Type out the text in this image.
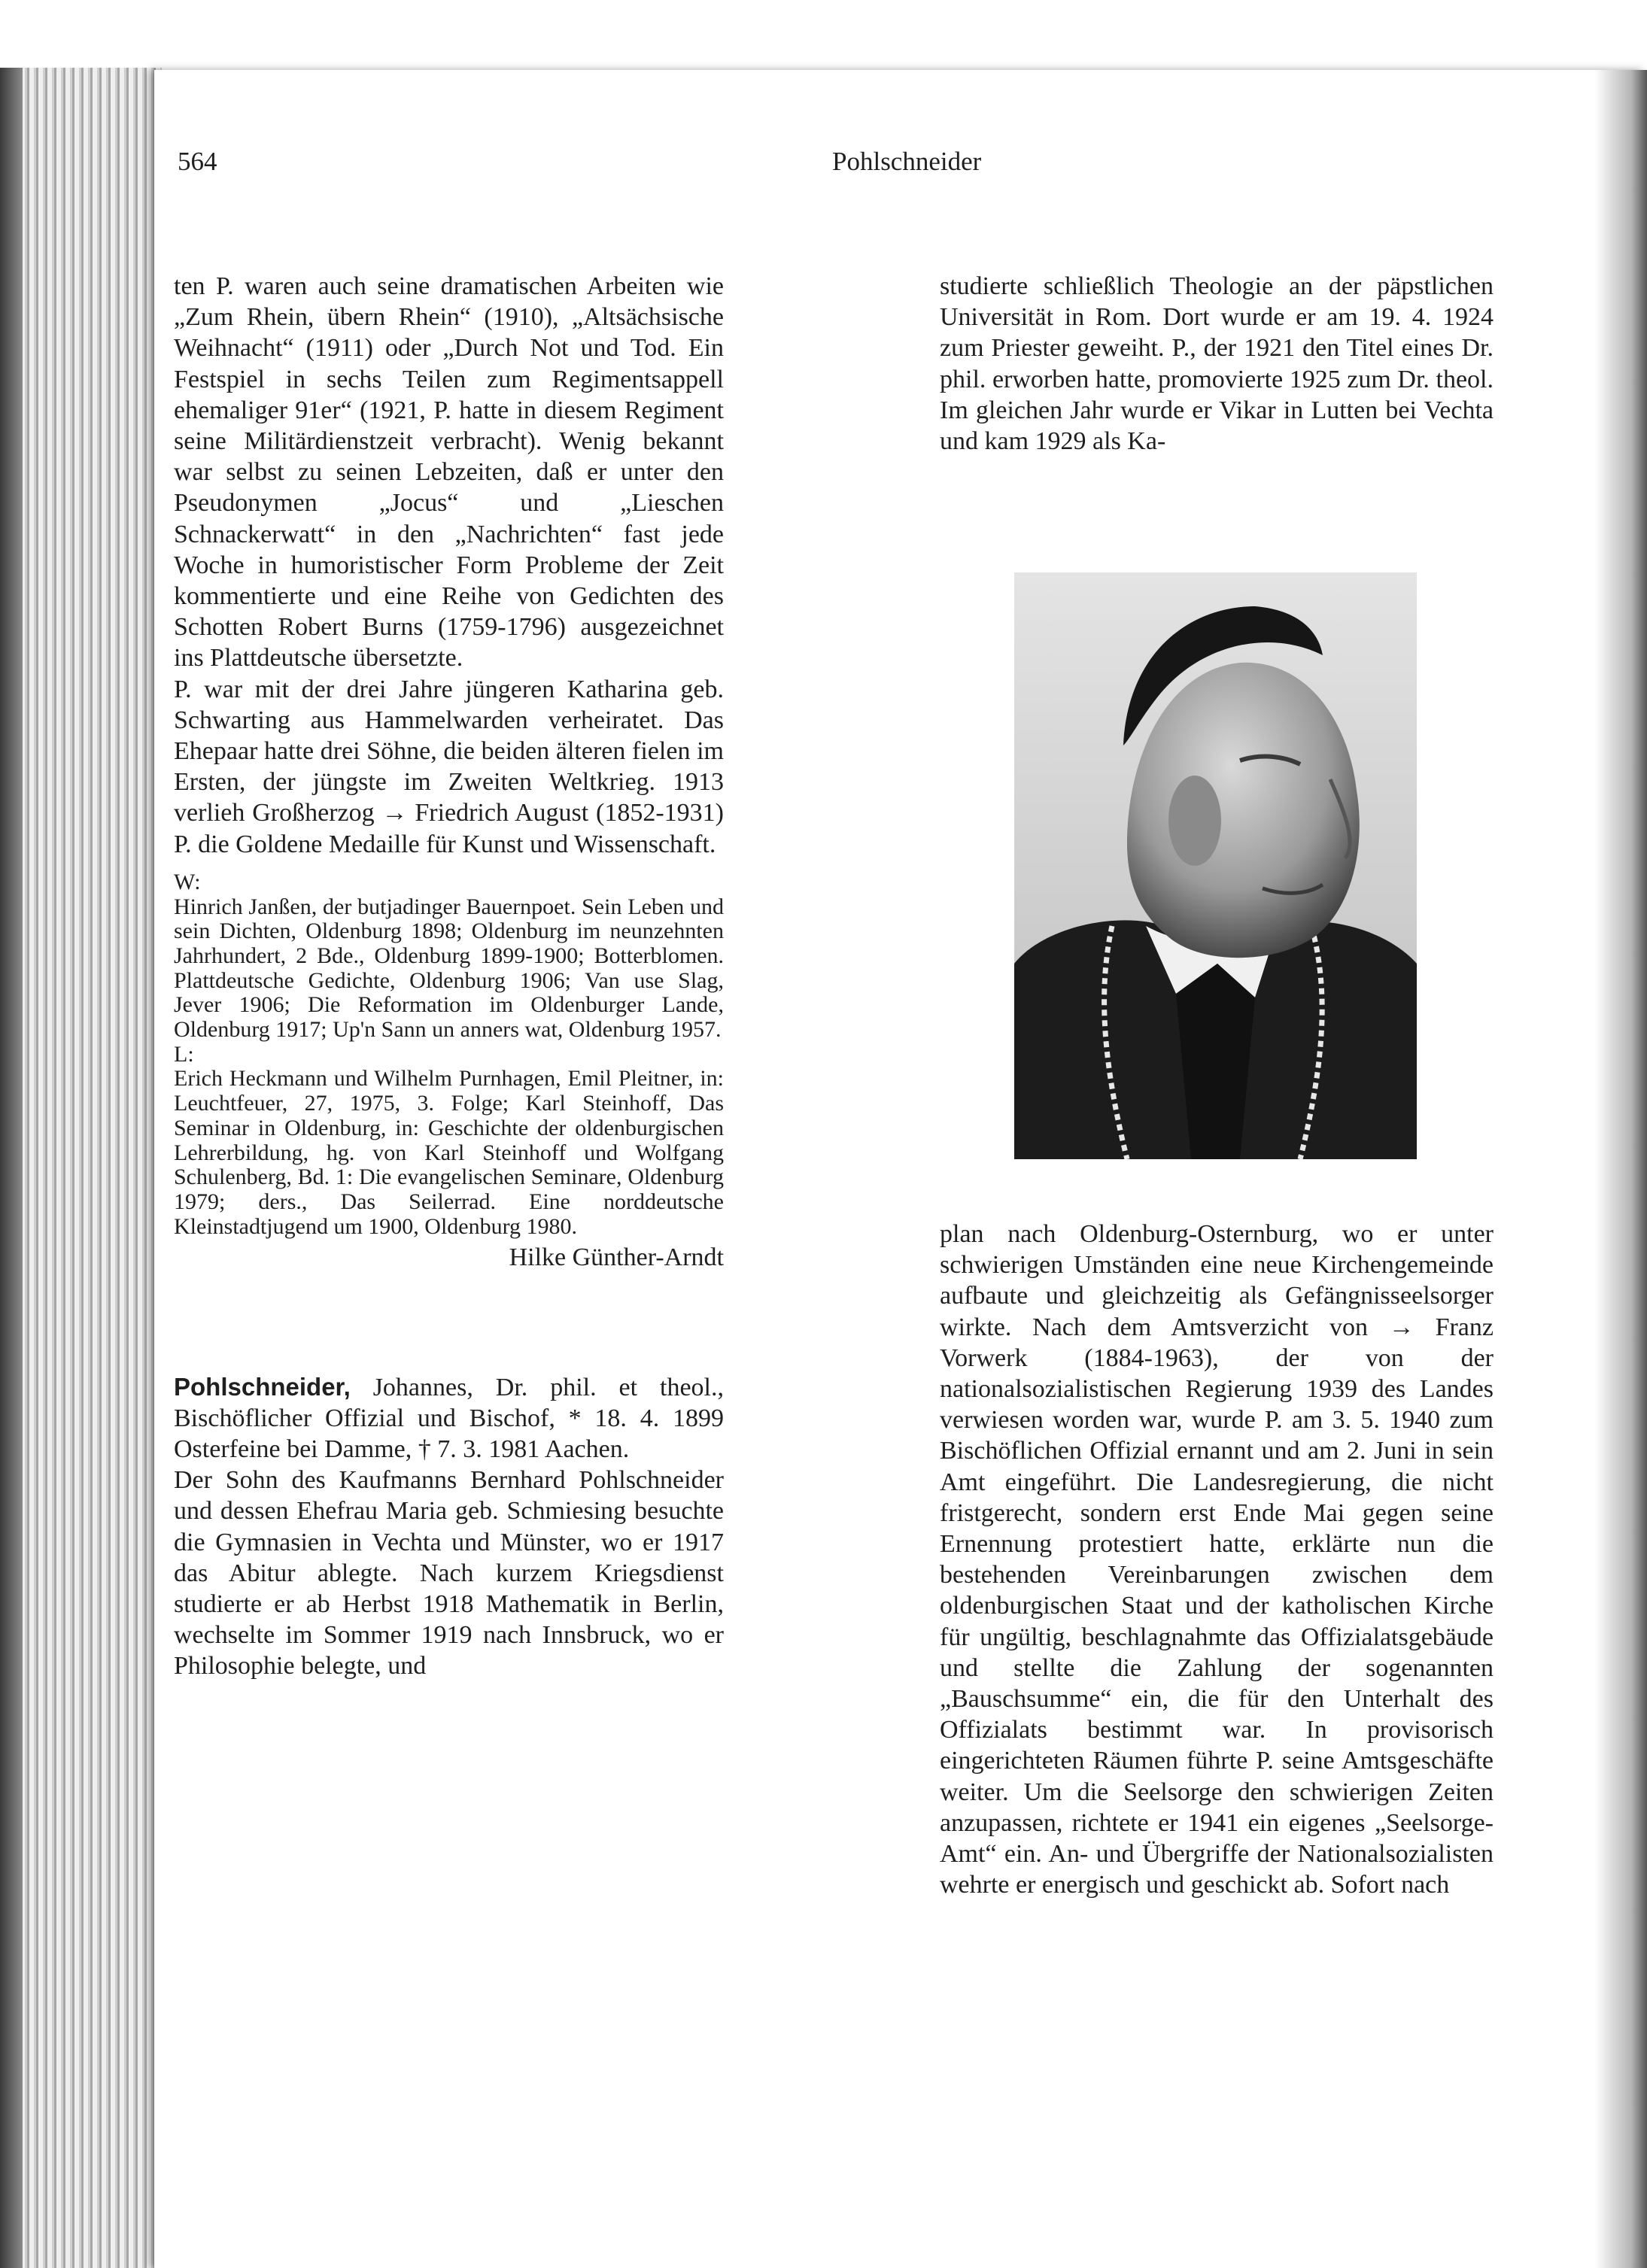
564	Pohlschneider

ten P. waren auch seine dramatischen Arbeiten wie „Zum Rhein, übern Rhein“ (1910), „Altsächsische Weihnacht“ (1911) oder „Durch Not und Tod. Ein Festspiel in sechs Teilen zum Regimentsappell ehemaliger 91er“ (1921, P. hatte in diesem Regiment seine Militärdienstzeit verbracht). Wenig bekannt war selbst zu seinen Lebzeiten, daß er unter den Pseudonymen „Jocus“ und „Lieschen Schnackerwatt“ in den „Nachrichten“ fast jede Woche in humoristischer Form Probleme der Zeit kommentierte und eine Reihe von Gedichten des Schotten Robert Burns (1759-1796) ausgezeichnet ins Plattdeutsche übersetzte.

P. war mit der drei Jahre jüngeren Katharina geb. Schwarting aus Hammelwarden verheiratet. Das Ehepaar hatte drei Söhne, die beiden älteren fielen im Ersten, der jüngste im Zweiten Weltkrieg. 1913 verlieh Großherzog → Friedrich August (1852-1931) P. die Goldene Medaille für Kunst und Wissenschaft.

W:

Hinrich Janßen, der butjadinger Bauernpoet. Sein Leben und sein Dichten, Oldenburg 1898; Oldenburg im neunzehnten Jahrhundert, 2 Bde., Oldenburg 1899-1900; Botterblomen. Plattdeutsche Gedichte, Oldenburg 1906; Van use Slag, Jever 1906; Die Reformation im Oldenburger Lande, Oldenburg 1917; Up'n Sann un anners wat, Oldenburg 1957.

L:

Erich Heckmann und Wilhelm Purnhagen, Emil Pleitner, in: Leuchtfeuer, 27, 1975, 3. Folge; Karl Steinhoff, Das Seminar in Oldenburg, in: Geschichte der oldenburgischen Lehrerbildung, hg. von Karl Steinhoff und Wolfgang Schulenberg, Bd. 1: Die evangelischen Seminare, Oldenburg 1979; ders., Das Seilerrad. Eine norddeutsche Kleinstadtjugend um 1900, Oldenburg 1980.

Hilke Günther-Arndt

Pohlschneider, Johannes, Dr. phil. et theol., Bischöflicher Offizial und Bischof, * 18. 4. 1899 Osterfeine bei Damme, † 7. 3. 1981 Aachen.

Der Sohn des Kaufmanns Bernhard Pohlschneider und dessen Ehefrau Maria geb. Schmiesing besuchte die Gymnasien in Vechta und Münster, wo er 1917 das Abitur ablegte. Nach kurzem Kriegsdienst studierte er ab Herbst 1918 Mathematik in Berlin, wechselte im Sommer 1919 nach Innsbruck, wo er Philosophie belegte, und

studierte schließlich Theologie an der päpstlichen Universität in Rom. Dort wurde er am 19. 4. 1924 zum Priester geweiht. P., der 1921 den Titel eines Dr. phil. erworben hatte, promovierte 1925 zum Dr. theol. Im gleichen Jahr wurde er Vikar in Lutten bei Vechta und kam 1929 als Ka-

plan nach Oldenburg-Osternburg, wo er unter schwierigen Umständen eine neue Kirchengemeinde aufbaute und gleichzeitig als Gefängnisseelsorger wirkte. Nach dem Amtsverzicht von → Franz Vorwerk (1884-1963), der von der nationalsozialistischen Regierung 1939 des Landes verwiesen worden war, wurde P. am 3. 5. 1940 zum Bischöflichen Offizial ernannt und am 2. Juni in sein Amt eingeführt. Die Landesregierung, die nicht fristgerecht, sondern erst Ende Mai gegen seine Ernennung protestiert hatte, erklärte nun die bestehenden Vereinbarungen zwischen dem oldenburgischen Staat und der katholischen Kirche für ungültig, beschlagnahmte das Offizialatsgebäude und stellte die Zahlung der sogenannten „Bauschsumme“ ein, die für den Unterhalt des Offizialats bestimmt war. In provisorisch eingerichteten Räumen führte P. seine Amtsgeschäfte weiter. Um die Seelsorge den schwierigen Zeiten anzupassen, richtete er 1941 ein eigenes „Seelsorge-Amt“ ein. An- und Übergriffe der Nationalsozialisten wehrte er energisch und geschickt ab. Sofort nach
